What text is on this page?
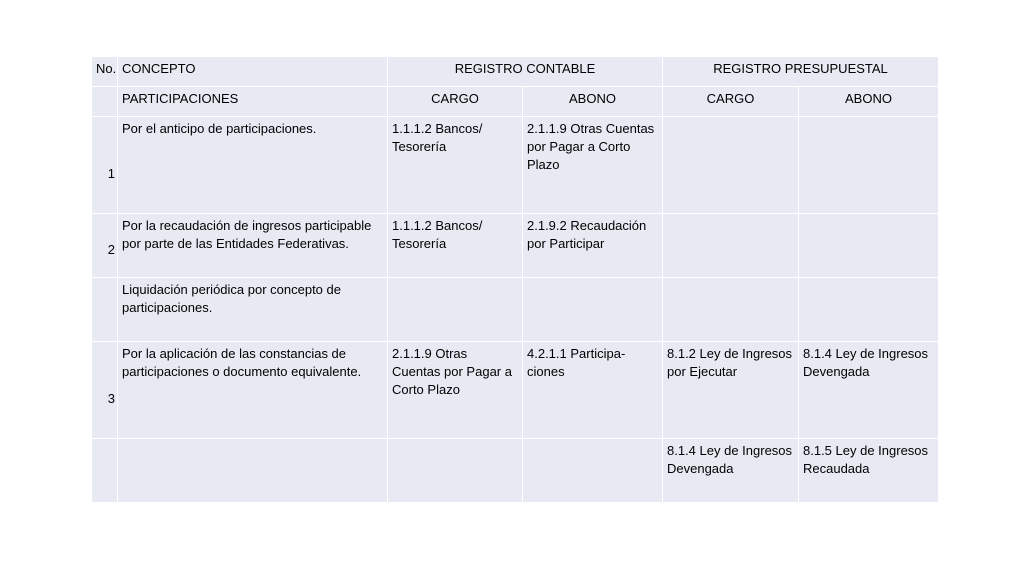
No.	CONCEPTO	REGISTRO CONTABLE		REGISTRO PRESUPUESTAL	
	PARTICIPACIONES	CARGO	ABONO	CARGO	ABONO
1	Por el anticipo de participaciones.	1.1.1.2 Bancos/ Tesorería	2.1.1.9 Otras Cuentas por Pagar a Corto Plazo		
2	Por la recaudación de ingresos participable por parte de las Entidades Federativas.	1.1.1.2 Bancos/ Tesorería	2.1.9.2 Recaudación por Participar		
	Liquidación periódica por concepto de participaciones.				
3	Por la aplicación de las constancias de participaciones o documento equivalente.	2.1.1.9 Otras Cuentas por Pagar a Corto Plazo	4.2.1.1 Participa-ciones	8.1.2 Ley de Ingresos por Ejecutar	8.1.4 Ley de Ingresos Devengada
				8.1.4 Ley de Ingresos Devengada	8.1.5 Ley de Ingresos Recaudada
